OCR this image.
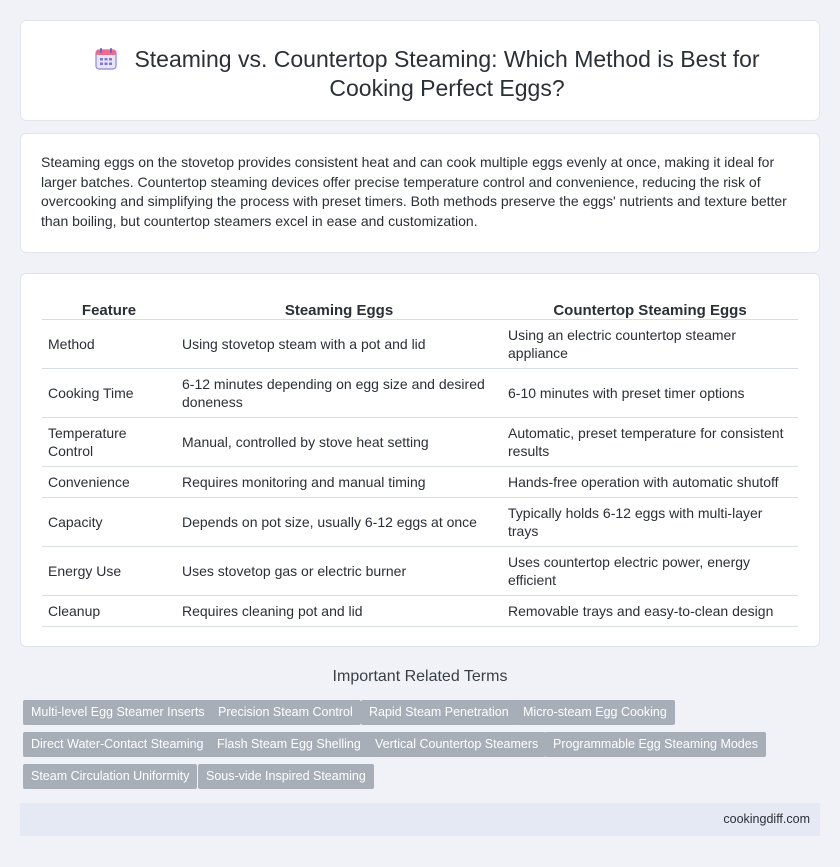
Steaming vs. Countertop Steaming: Which Method is Best for Cooking Perfect Eggs?

Steaming eggs on the stovetop provides consistent heat and can cook multiple eggs evenly at once, making it ideal for larger batches. Countertop steaming devices offer precise temperature control and convenience, reducing the risk of overcooking and simplifying the process with preset timers. Both methods preserve the eggs' nutrients and texture better than boiling, but countertop steamers excel in ease and customization.

Feature	Steaming Eggs	Countertop Steaming Eggs
Method	Using stovetop steam with a pot and lid	Using an electric countertop steamer appliance
Cooking Time	6-12 minutes depending on egg size and desired doneness	6-10 minutes with preset timer options
Temperature Control	Manual, controlled by stove heat setting	Automatic, preset temperature for consistent results
Convenience	Requires monitoring and manual timing	Hands-free operation with automatic shutoff
Capacity	Depends on pot size, usually 6-12 eggs at once	Typically holds 6-12 eggs with multi-layer trays
Energy Use	Uses stovetop gas or electric burner	Uses countertop electric power, energy efficient
Cleanup	Requires cleaning pot and lid	Removable trays and easy-to-clean design
Important Related Terms
Multi-level Egg Steamer Inserts	Precision Steam Control	Rapid Steam Penetration	Micro-steam Egg Cooking
Direct Water-Contact Steaming	Flash Steam Egg Shelling	Vertical Countertop Steamers	Programmable Egg Steaming Modes
Steam Circulation Uniformity	Sous-vide Inspired Steaming
cookingdiff.com
